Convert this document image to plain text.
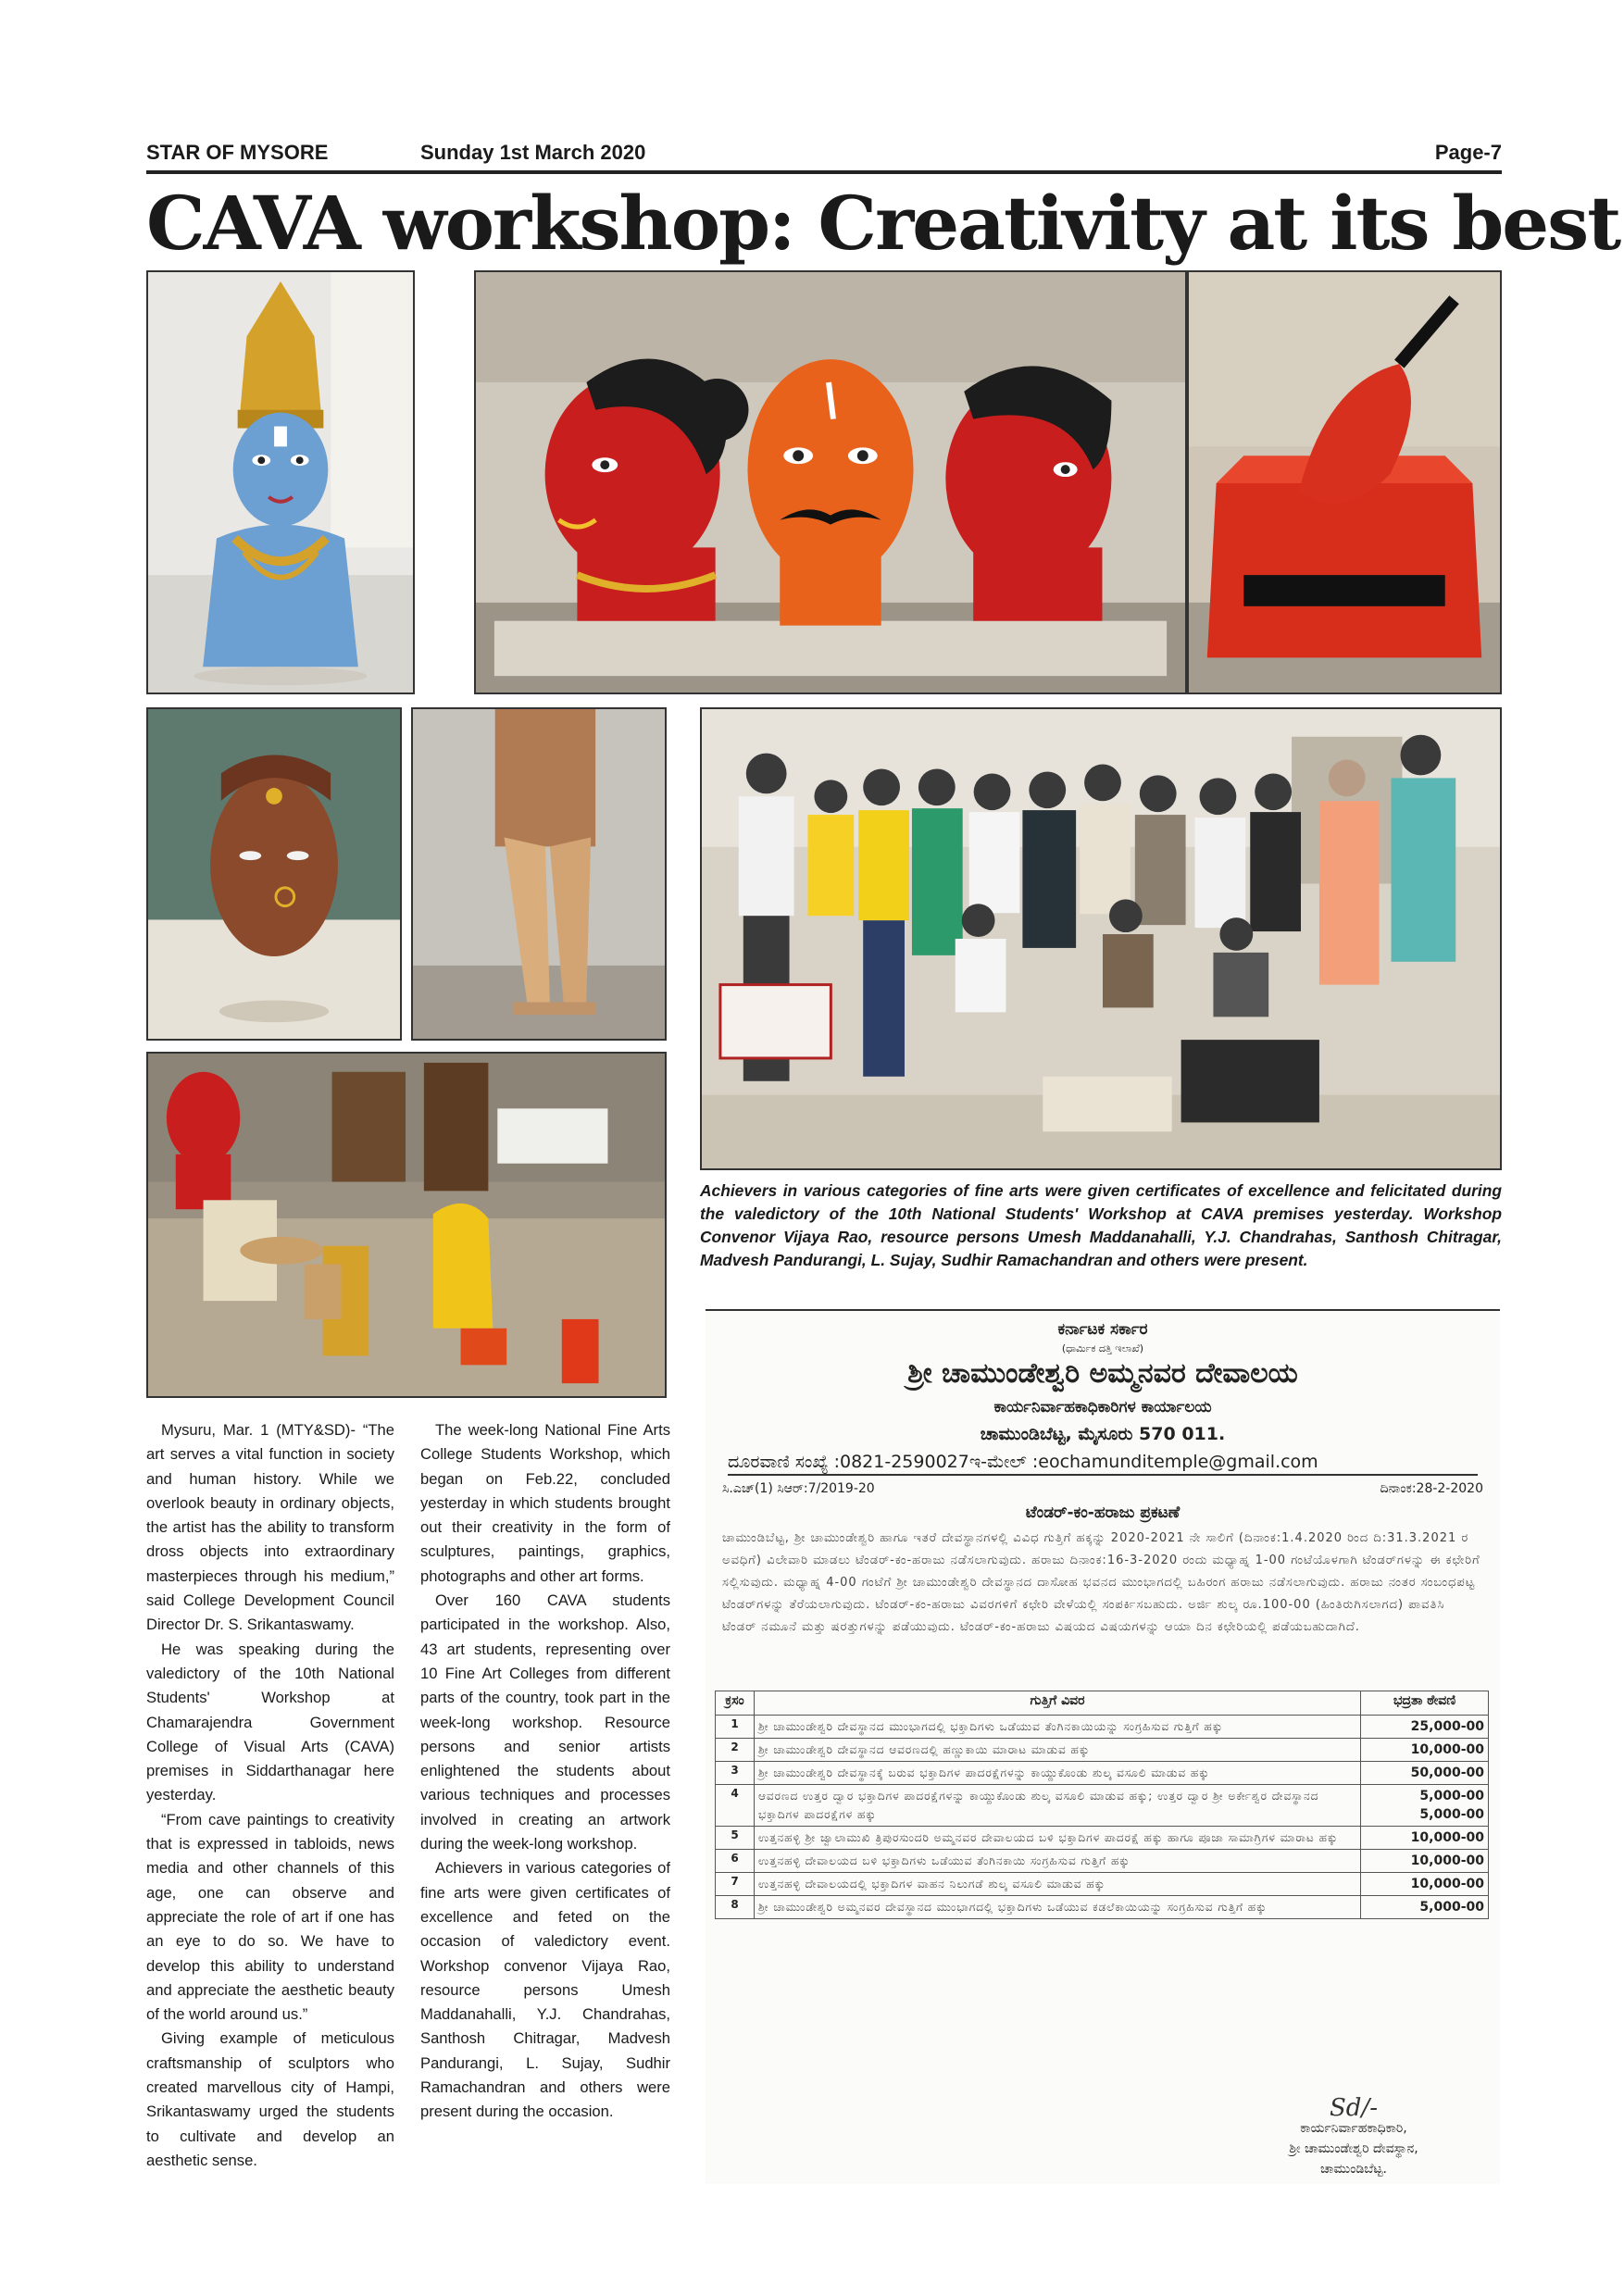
STAR OF MYSORE	Sunday 1st March 2020	Page-7
CAVA workshop: Creativity at its best

Achievers in various categories of fine arts were given certificates of excellence and felicitated during the valedictory of the 10th National Students' Workshop at CAVA premises yesterday. Workshop Convenor Vijaya Rao, resource persons Umesh Maddanahalli, Y.J. Chandrahas, Santhosh Chitragar, Madvesh Pandurangi, L. Sujay, Sudhir Ramachandran and others were present.

Mysuru, Mar. 1 (MTY&SD)- “The art serves a vital function in society and human history. While we overlook beauty in ordinary objects, the artist has the ability to transform dross objects into extraordinary masterpieces through his medium,” said College Development Council Director Dr. S. Srikantaswamy.

He was speaking during the valedictory of the 10th National Students' Workshop at Chamarajendra Government College of Visual Arts (CAVA) premises in Siddarthanagar here yesterday.

“From cave paintings to creativity that is expressed in tabloids, news media and other channels of this age, one can observe and appreciate the role of art if one has an eye to do so. We have to develop this ability to understand and appreciate the aesthetic beauty of the world around us.”

Giving example of meticulous craftsmanship of sculptors who created marvellous city of Hampi, Srikantaswamy urged the students to cultivate and develop an aesthetic sense.

The week-long National Fine Arts College Students Workshop, which began on Feb.22, concluded yesterday in which students brought out their creativity in the form of sculptures, paintings, graphics, photographs and other art forms.

Over 160 CAVA students participated in the workshop. Also, 43 art students, representing over 10 Fine Art Colleges from different parts of the country, took part in the week-long workshop. Resource persons and senior artists enlightened the students about various techniques and processes involved in creating an artwork during the week-long workshop.

Achievers in various categories of fine arts were given certificates of excellence and feted on the occasion of valedictory event. Workshop convenor Vijaya Rao, resource persons Umesh Maddanahalli, Y.J. Chandrahas, Santhosh Chitragar, Madvesh Pandurangi, L. Sujay, Sudhir Ramachandran and others were present during the occasion.

ಕರ್ನಾಟಕ ಸರ್ಕಾರ
(ಧಾರ್ಮಿಕ ದತ್ತಿ ಇಲಾಖೆ)
ಶ್ರೀ ಚಾಮುಂಡೇಶ್ವರಿ ಅಮ್ಮನವರ ದೇವಾಲಯ
ಕಾರ್ಯನಿರ್ವಾಹಕಾಧಿಕಾರಿಗಳ ಕಾರ್ಯಾಲಯ
ಚಾಮುಂಡಿಬೆಟ್ಟ, ಮೈಸೂರು 570 011.
ದೂರವಾಣಿ ಸಂಖ್ಯೆ :0821-2590027ಇ-ಮೇಲ್ :eochamunditemple@gmail.com
ಸಿ.ಎಚ್(1) ಸಿಆರ್:7/2019-20	ದಿನಾಂಕ:28-2-2020
ಟೆಂಡರ್-ಕಂ-ಹರಾಜು ಪ್ರಕಟಣೆ
ಚಾಮುಂಡಿಬೆಟ್ಟ, ಶ್ರೀ ಚಾಮುಂಡೇಶ್ವರಿ ಹಾಗೂ ಇತರೆ ದೇವಸ್ಥಾನಗಳಲ್ಲಿ ವಿವಿಧ ಗುತ್ತಿಗೆ ಹಕ್ಕನ್ನು 2020-2021 ನೇ ಸಾಲಿಗೆ (ದಿನಾಂಕ:1.4.2020 ರಿಂದ ದಿ:31.3.2021 ರ ಅವಧಿಗೆ) ವಿಲೇವಾರಿ ಮಾಡಲು ಟೆಂಡರ್-ಕಂ-ಹರಾಜು ನಡೆಸಲಾಗುವುದು. ಹರಾಜು ದಿನಾಂಕ:16-3-2020 ರಂದು ಮಧ್ಯಾಹ್ನ 1-00 ಗಂಟೆಯೊಳಗಾಗಿ ಟೆಂಡರ್‌ಗಳನ್ನು ಈ ಕಛೇರಿಗೆ ಸಲ್ಲಿಸುವುದು. ಮಧ್ಯಾಹ್ನ 4-00 ಗಂಟೆಗೆ ಶ್ರೀ ಚಾಮುಂಡೇಶ್ವರಿ ದೇವಸ್ಥಾನದ ದಾಸೋಹ ಭವನದ ಮುಂಭಾಗದಲ್ಲಿ ಬಹಿರಂಗ ಹರಾಜು ನಡೆಸಲಾಗುವುದು. ಹರಾಜು ನಂತರ ಸಂಬಂಧಪಟ್ಟ ಟೆಂಡರ್‌ಗಳನ್ನು ತೆರೆಯಲಾಗುವುದು. ಟೆಂಡರ್-ಕಂ-ಹರಾಜು ವಿವರಗಳಿಗೆ ಕಛೇರಿ ವೇಳೆಯಲ್ಲಿ ಸಂಪರ್ಕಿಸಬಹುದು. ಅರ್ಜಿ ಶುಲ್ಕ ರೂ.100-00 (ಹಿಂತಿರುಗಿಸಲಾಗದ) ಪಾವತಿಸಿ ಟೆಂಡರ್ ನಮೂನೆ ಮತ್ತು ಷರತ್ತುಗಳನ್ನು ಪಡೆಯುವುದು. ಟೆಂಡರ್-ಕಂ-ಹರಾಜು ವಿಷಯದ ವಿಷಯಗಳನ್ನು ಆಯಾ ದಿನ ಕಛೇರಿಯಲ್ಲಿ ಪಡೆಯಬಹುದಾಗಿದೆ.
ಕ್ರಸಂ	ಗುತ್ತಿಗೆ ವಿವರ	ಭದ್ರತಾ ಠೇವಣಿ
1	ಶ್ರೀ ಚಾಮುಂಡೇಶ್ವರಿ ದೇವಸ್ಥಾನದ ಮುಂಭಾಗದಲ್ಲಿ ಭಕ್ತಾದಿಗಳು ಒಡೆಯುವ ತೆಂಗಿನಕಾಯಿಯನ್ನು ಸಂಗ್ರಹಿಸುವ ಗುತ್ತಿಗೆ ಹಕ್ಕು	25,000-00
2	ಶ್ರೀ ಚಾಮುಂಡೇಶ್ವರಿ ದೇವಸ್ಥಾನದ ಆವರಣದಲ್ಲಿ ಹಣ್ಣುಕಾಯಿ ಮಾರಾಟ ಮಾಡುವ ಹಕ್ಕು	10,000-00
3	ಶ್ರೀ ಚಾಮುಂಡೇಶ್ವರಿ ದೇವಸ್ಥಾನಕ್ಕೆ ಬರುವ ಭಕ್ತಾದಿಗಳ ಪಾದರಕ್ಷೆಗಳನ್ನು ಕಾಯ್ದುಕೊಂಡು ಶುಲ್ಕ ವಸೂಲಿ ಮಾಡುವ ಹಕ್ಕು	50,000-00
4	ಆವರಣದ ಉತ್ತರ ದ್ವಾರ ಭಕ್ತಾದಿಗಳ ಪಾದರಕ್ಷೆಗಳನ್ನು ಕಾಯ್ದುಕೊಂಡು ಶುಲ್ಕ ವಸೂಲಿ ಮಾಡುವ ಹಕ್ಕು; ಉತ್ತರ ದ್ವಾರ ಶ್ರೀ ಅರ್ಕೇಶ್ವರ ದೇವಸ್ಥಾನದ ಭಕ್ತಾದಿಗಳ ಪಾದರಕ್ಷೆಗಳ ಹಕ್ಕು	5,000-00
5,000-00
5	ಉತ್ತನಹಳ್ಳಿ ಶ್ರೀ ಜ್ವಾಲಾಮುಖಿ ತ್ರಿಪುರಸುಂದರಿ ಅಮ್ಮನವರ ದೇವಾಲಯದ ಬಳಿ ಭಕ್ತಾದಿಗಳ ಪಾದರಕ್ಷೆ ಹಕ್ಕು ಹಾಗೂ ಪೂಜಾ ಸಾಮಾಗ್ರಿಗಳ ಮಾರಾಟ ಹಕ್ಕು	10,000-00
6	ಉತ್ತನಹಳ್ಳಿ ದೇವಾಲಯದ ಬಳಿ ಭಕ್ತಾದಿಗಳು ಒಡೆಯುವ ತೆಂಗಿನಕಾಯಿ ಸಂಗ್ರಹಿಸುವ ಗುತ್ತಿಗೆ ಹಕ್ಕು	10,000-00
7	ಉತ್ತನಹಳ್ಳಿ ದೇವಾಲಯದಲ್ಲಿ ಭಕ್ತಾದಿಗಳ ವಾಹನ ನಿಲುಗಡೆ ಶುಲ್ಕ ವಸೂಲಿ ಮಾಡುವ ಹಕ್ಕು	10,000-00
8	ಶ್ರೀ ಚಾಮುಂಡೇಶ್ವರಿ ಅಮ್ಮನವರ ದೇವಸ್ಥಾನದ ಮುಂಭಾಗದಲ್ಲಿ ಭಕ್ತಾದಿಗಳು ಒಡೆಯುವ ಕಡಲೆಕಾಯಿಯನ್ನು ಸಂಗ್ರಹಿಸುವ ಗುತ್ತಿಗೆ ಹಕ್ಕು	5,000-00
Sd/-
ಕಾರ್ಯನಿರ್ವಾಹಕಾಧಿಕಾರಿ,
ಶ್ರೀ ಚಾಮುಂಡೇಶ್ವರಿ ದೇವಸ್ಥಾನ,
ಚಾಮುಂಡಿಬೆಟ್ಟ.
